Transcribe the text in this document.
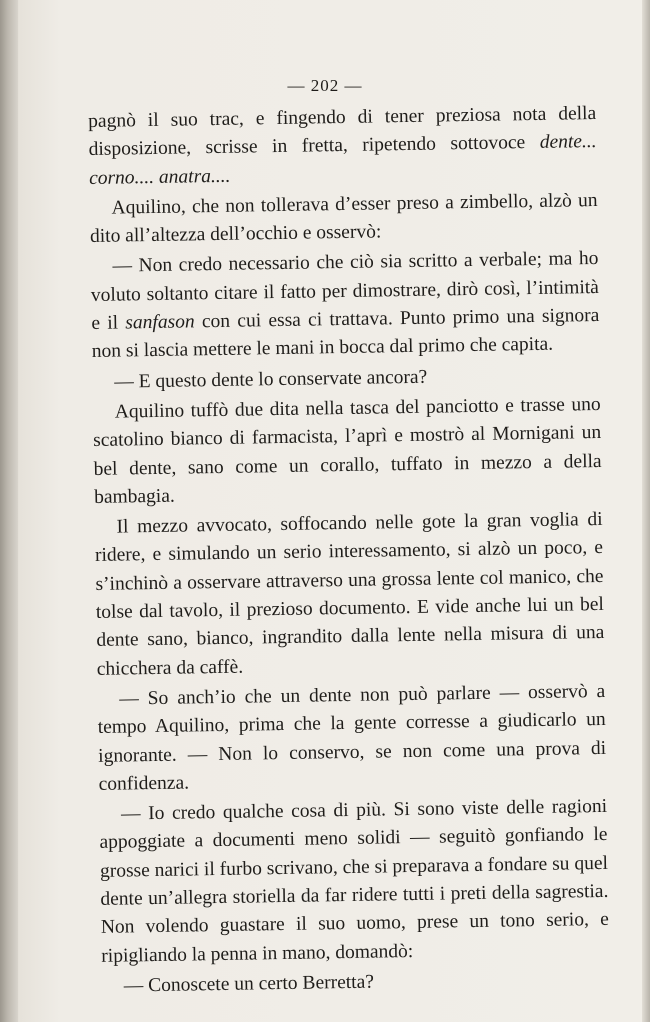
— 202 —

pagnò il suo trac, e fingendo di tener preziosa nota della disposizione, scrisse in fretta, ripetendo sottovoce dente... corno.... anatra....

Aquilino, che non tollerava d’esser preso a zimbello, alzò un dito all’altezza dell’occhio e osservò:

— Non credo necessario che ciò sia scritto a verbale; ma ho voluto soltanto citare il fatto per dimostrare, dirò così, l’intimità e il sanfason con cui essa ci trattava. Punto primo una signora non si lascia mettere le mani in bocca dal primo che capita.

— E questo dente lo conservate ancora?

Aquilino tuffò due dita nella tasca del panciotto e trasse uno scatolino bianco di farmacista, l’aprì e mostrò al Mornigani un bel dente, sano come un corallo, tuffato in mezzo a della bambagia.

Il mezzo avvocato, soffocando nelle gote la gran voglia di ridere, e simulando un serio interessamento, si alzò un poco, e s’inchinò a osservare attraverso una grossa lente col manico, che tolse dal tavolo, il prezioso documento. E vide anche lui un bel dente sano, bianco, ingrandito dalla lente nella misura di una chicchera da caffè.

— So anch’io che un dente non può parlare — osservò a tempo Aquilino, prima che la gente corresse a giudicarlo un ignorante. — Non lo conservo, se non come una prova di confidenza.

— Io credo qualche cosa di più. Si sono viste delle ragioni appoggiate a documenti meno solidi — seguitò gonfiando le grosse narici il furbo scrivano, che si preparava a fondare su quel dente un’allegra storiella da far ridere tutti i preti della sagrestia. Non volendo guastare il suo uomo, prese un tono serio, e ripigliando la penna in mano, domandò:

— Conoscete un certo Berretta?
